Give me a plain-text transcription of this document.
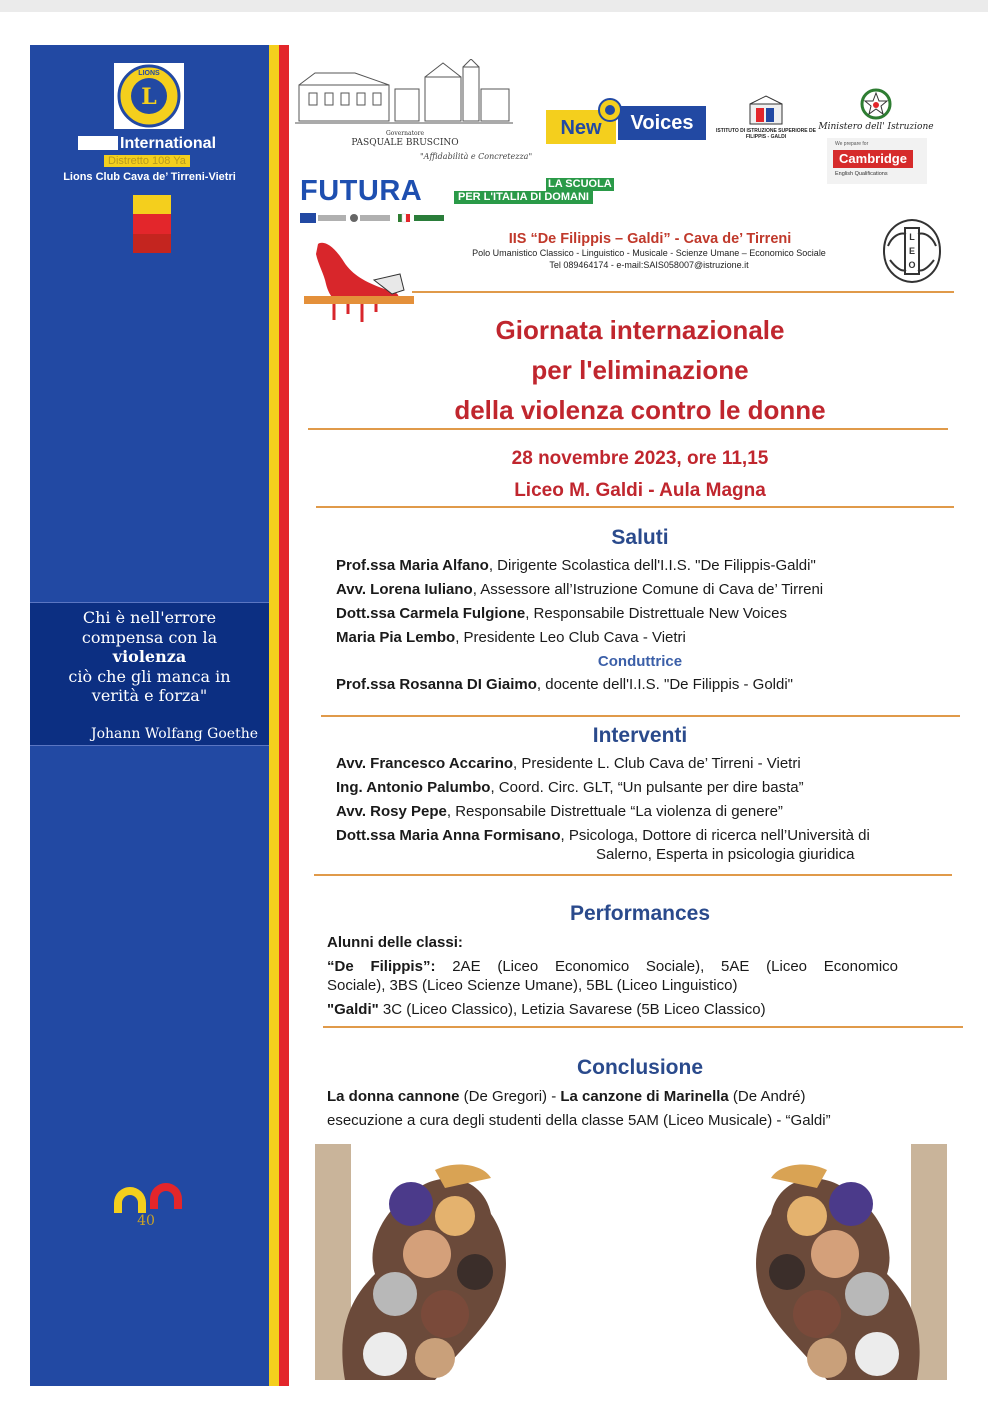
L
LIONS
International
Distretto 108 Ya
Lions Club Cava de’ Tirreni-Vietri
Chi è nell'errore
compensa con la
violenza
ciò che gli manca in
verità e forza"
Johann Wolfang Goethe
40
Governatore
PASQUALE BRUSCINO
"Affidabilità e Concretezza"
New	Voices	ISTITUTO DI ISTRUZIONE SUPERIORE DE FILIPPIS - GALDI
Ministero dell' Istruzione
We prepare for
Cambridge
English Qualifications
FUTURA	LA SCUOLA
PER L'ITALIA DI DOMANI
IIS “De Filippis – Galdi” - Cava de’ Tirreni
Polo Umanistico Classico - Linguistico - Musicale - Scienze Umane – Economico Sociale
Tel 089464174 - e-mail:SAIS058007@istruzione.it
L
E
O
Giornata internazionale
per l'eliminazione
della violenza contro le donne
28 novembre 2023, ore 11,15
Liceo M. Galdi - Aula Magna
Saluti
Prof.ssa Maria Alfano, Dirigente Scolastica dell'I.I.S. "De Filippis-Galdi"
Avv. Lorena Iuliano, Assessore all’Istruzione Comune di Cava de’ Tirreni
Dott.ssa Carmela Fulgione, Responsabile Distrettuale New Voices
Maria Pia Lembo, Presidente Leo Club Cava - Vietri
Conduttrice
Prof.ssa Rosanna DI Giaimo, docente dell'I.I.S. "De Filippis - Goldi"
Interventi
Avv. Francesco Accarino, Presidente L. Club Cava de’ Tirreni - Vietri
Ing. Antonio Palumbo, Coord. Circ. GLT, “Un pulsante per dire basta”
Avv. Rosy Pepe, Responsabile Distrettuale “La violenza di genere”
Dott.ssa Maria Anna Formisano, Psicologa, Dottore di ricerca nell’Università di
Salerno, Esperta in psicologia giuridica
Performances
Alunni delle classi:
“De Filippis”: 2AE (Liceo Economico Sociale), 5AE (Liceo Economico
Sociale), 3BS (Liceo Scienze Umane), 5BL (Liceo Linguistico)
"Galdi" 3C (Liceo Classico), Letizia Savarese (5B Liceo Classico)
Conclusione
La donna cannone (De Gregori) - La canzone di Marinella (De André)
esecuzione a cura degli studenti della classe 5AM (Liceo Musicale) - “Galdi”
